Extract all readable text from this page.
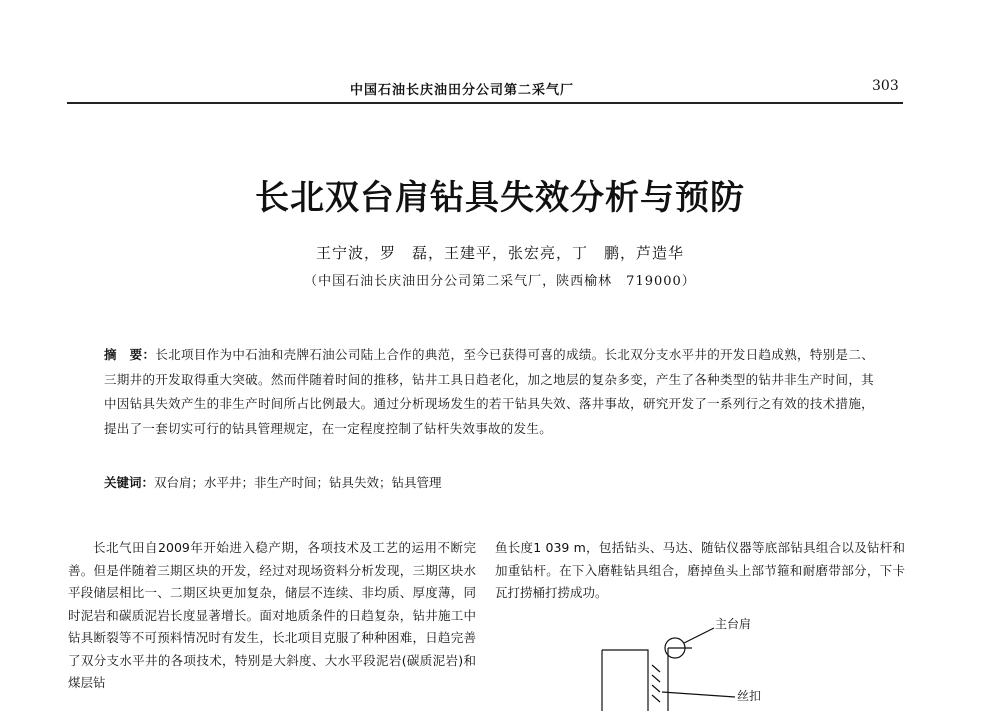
中国石油长庆油田分公司第二采气厂	303
长北双台肩钻具失效分析与预防
王宁波，罗　磊，王建平，张宏亮，丁　鹏，芦造华
（中国石油长庆油田分公司第二采气厂，陕西榆林　719000）
摘　要：长北项目作为中石油和壳牌石油公司陆上合作的典范，至今已获得可喜的成绩。长北双分支水平井的开发日趋成熟，特别是二、三期井的开发取得重大突破。然而伴随着时间的推移，钻井工具日趋老化，加之地层的复杂多变，产生了各种类型的钻井非生产时间，其中因钻具失效产生的非生产时间所占比例最大。通过分析现场发生的若干钻具失效、落井事故，研究开发了一系列行之有效的技术措施，提出了一套切实可行的钻具管理规定，在一定程度控制了钻杆失效事故的发生。
关键词：双台肩；水平井；非生产时间；钻具失效；钻具管理
长北气田自2009年开始进入稳产期，各项技术及工艺的运用不断完善。但是伴随着三期区块的开发，经过对现场资料分析发现，三期区块水平段储层相比一、二期区块更加复杂，储层不连续、非均质、厚度薄，同时泥岩和碳质泥岩长度显著增长。面对地质条件的日趋复杂，钻井施工中钻具断裂等不可预料情况时有发生，长北项目克服了种种困难，日趋完善了双分支水平井的各项技术，特别是大斜度、大水平段泥岩(碳质泥岩)和煤层钻
鱼长度1 039 m，包括钻头、马达、随钻仪器等底部钻具组合以及钻杆和加重钻杆。在下入磨鞋钻具组合，磨掉鱼头上部节箍和耐磨带部分，下卡瓦打捞桶打捞成功。
主台肩
丝扣
